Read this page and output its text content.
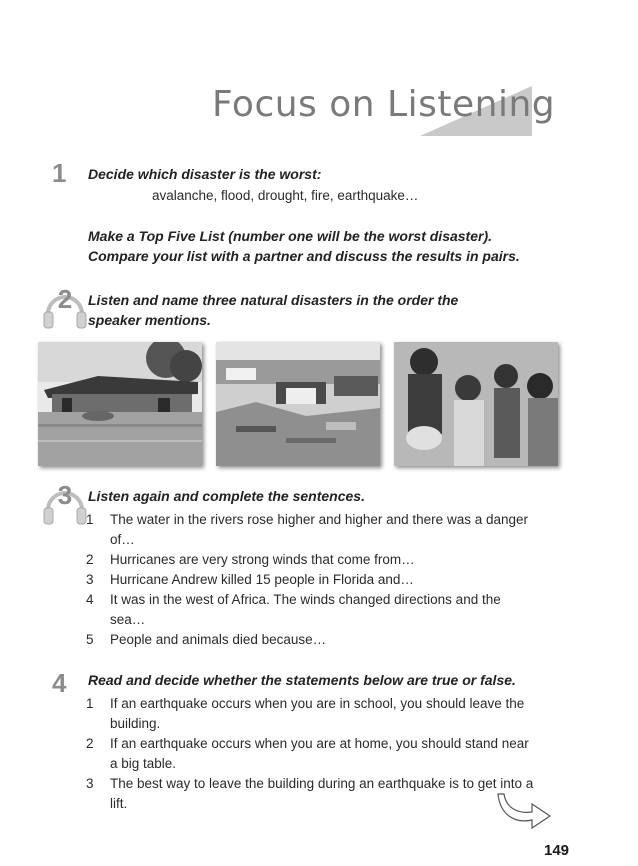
Focus on Listening
1 Decide which disaster is the worst:

avalanche, flood, drought, fire, earthquake…

Make a Top Five List (number one will be the worst disaster).

Compare your list with a partner and discuss the results in pairs.

2	Listen and name three natural disasters in the order the

speaker mentions.

3	Listen again and complete the sentences.

1	The water in the rivers rose higher and higher and there was a danger of…
2	Hurricanes are very strong winds that come from…
3	Hurricane Andrew killed 15 people in Florida and…
4	It was in the west of Africa. The winds changed directions and the sea…
5	People and animals died because…
4 Read and decide whether the statements below are true or false.

1	If an earthquake occurs when you are in school, you should leave the building.
2	If an earthquake occurs when you are at home, you should stand near a big table.
3	The best way to leave the building during an earthquake is to get into a lift.
149
